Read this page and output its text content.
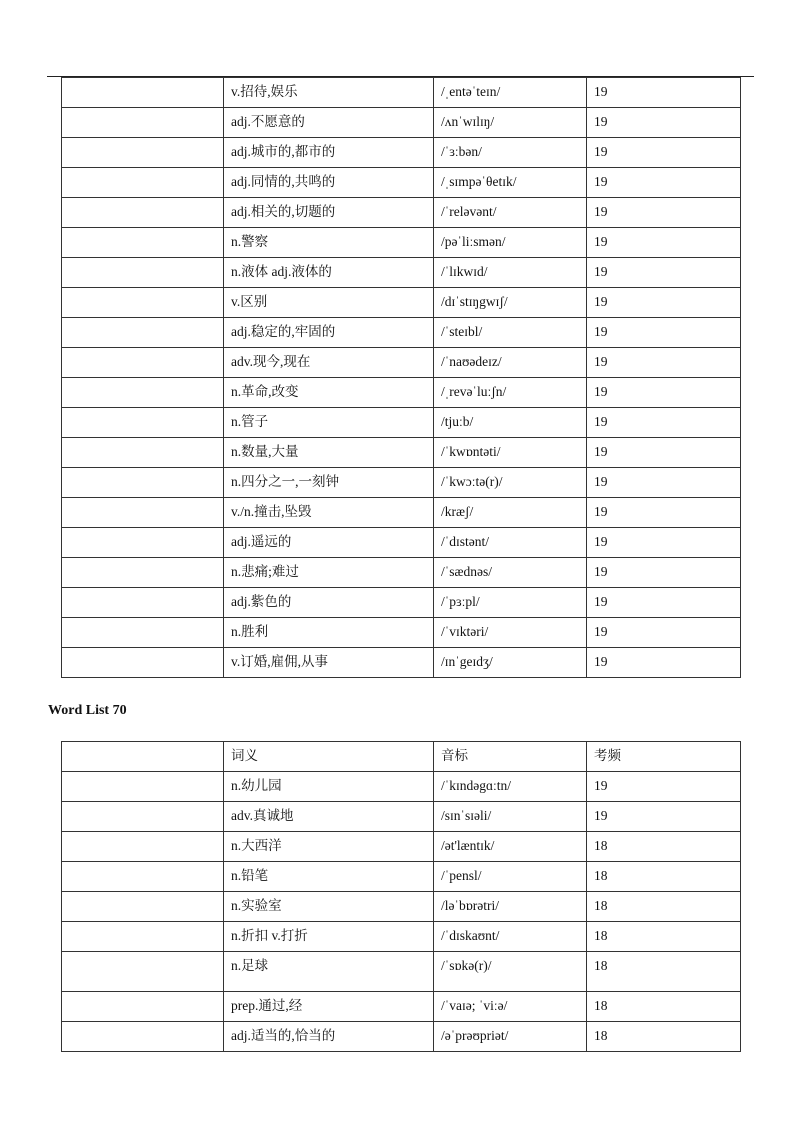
	v.招待,娱乐	/ˌentəˈteɪn/	19
	adj.不愿意的	/ʌnˈwɪlɪŋ/	19
	adj.城市的,都市的	/ˈɜːbən/	19
	adj.同情的,共鸣的	/ˌsɪmpəˈθetɪk/	19
	adj.相关的,切题的	/ˈreləvənt/	19
	n.警察	/pəˈliːsmən/	19
	n.液体 adj.液体的	/ˈlɪkwɪd/	19
	v.区别	/dɪˈstɪŋgwɪʃ/	19
	adj.稳定的,牢固的	/ˈsteɪbl/	19
	adv.现今,现在	/ˈnaʊədeɪz/	19
	n.革命,改变	/ˌrevəˈluːʃn/	19
	n.管子	/tjuːb/	19
	n.数量,大量	/ˈkwɒntəti/	19
	n.四分之一,一刻钟	/ˈkwɔːtə(r)/	19
	v./n.撞击,坠毁	/kræʃ/	19
	adj.遥远的	/ˈdɪstənt/	19
	n.悲痛;难过	/ˈsædnəs/	19
	adj.紫色的	/ˈpɜːpl/	19
	n.胜利	/ˈvɪktəri/	19
	v.订婚,雇佣,从事	/ɪnˈgeɪdʒ/	19
Word List 70
	词义	音标	考频
	n.幼儿园	/ˈkɪndəgɑːtn/	19
	adv.真诚地	/sɪnˈsɪəli/	19
	n.大西洋	/ət'læntɪk/	18
	n.铅笔	/ˈpensl/	18
	n.实验室	/ləˈbɒrətri/	18
	n.折扣 v.打折	/ˈdɪskaʊnt/	18
	n.足球	/ˈsɒkə(r)/	18
	prep.通过,经	/ˈvaɪə; ˈviːə/	18
	adj.适当的,恰当的	/əˈprəʊpriət/	18
